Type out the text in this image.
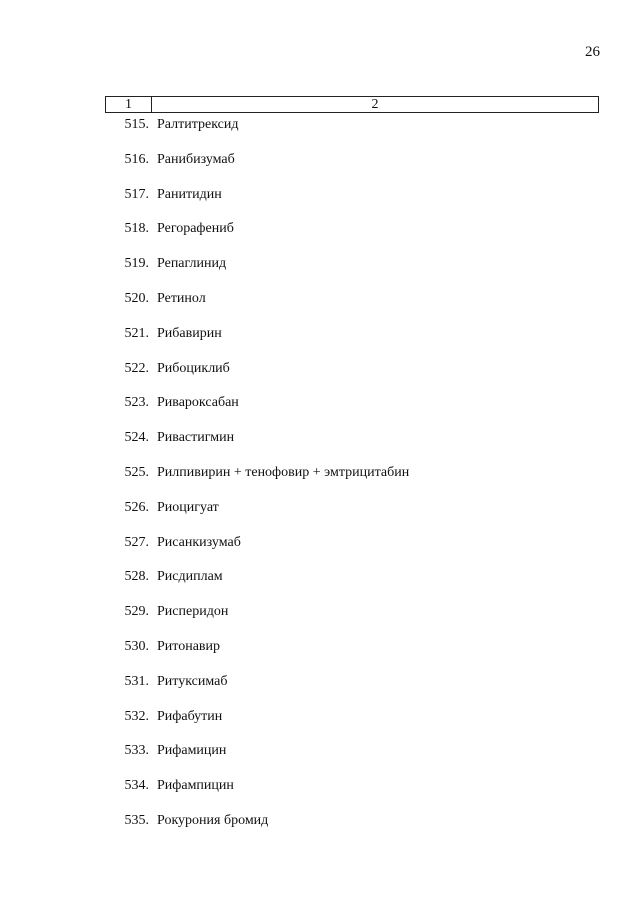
26
1	2
515. Ралтитрексид
516. Ранибизумаб
517. Ранитидин
518. Регорафениб
519. Репаглинид
520. Ретинол
521. Рибавирин
522. Рибоциклиб
523. Ривароксабан
524. Ривастигмин
525. Рилпивирин + тенофовир + эмтрицитабин
526. Риоцигуат
527. Рисанкизумаб
528. Рисдиплам
529. Рисперидон
530. Ритонавир
531. Ритуксимаб
532. Рифабутин
533. Рифамицин
534. Рифампицин
535. Рокурония бромид
